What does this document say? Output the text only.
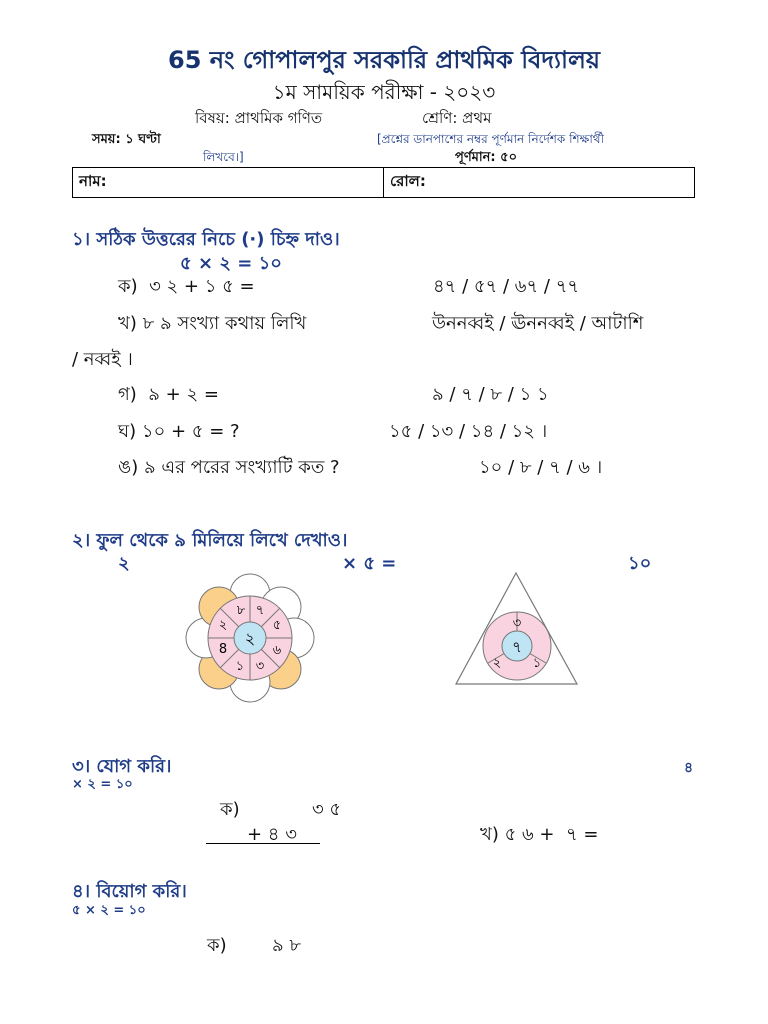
65 নং গোপালপুর সরকারি প্রাথমিক বিদ্যালয়
১ম সাময়িক পরীক্ষা - ২০২৩
বিষয়: প্রাথমিক গণিত	শ্রেণি: প্রথম
সময়: ১ ঘণ্টা	[প্রশ্নের ডানপাশের নম্বর পূর্ণমান নির্দেশক শিক্ষার্থী
লিখবে।]	পূর্ণমান: ৫০
নাম:	রোল:
১। সঠিক উত্তরের নিচে (·) চিহ্ন দাও।
৫ × ২ = ১০
ক) ৩ ২ + ১ ৫ =	৪৭ / ৫৭ / ৬৭ / ৭৭
খ) ৮ ৯ সংখ্যা কথায় লিখি	উননব্বই / ঊননব্বই / আটাশি
/ নব্বই ।
গ) ৯ + ২ =	৯ / ৭ / ৮ / ১ ১
ঘ) ১০ + ৫ = ?	১৫ / ১৩ / ১৪ / ১২ ।
ঙ) ৯ এর পরের সংখ্যাটি কত ?	১০ / ৮ / ৭ / ৬ ।
২। ফুল থেকে ৯ মিলিয়ে লিখে দেখাও।
২	× ৫ =	১০
২
৮ ৭
৫
৬
৩
১
8
২
৭
৩
২ ১
৩। যোগ করি।	৪
× ২ = ১০
ক)	৩ ৫
+ ৪ ৩	খ) ৫ ৬ + ৭ =
৪। বিয়োগ করি।
৫ × ২ = ১০
ক)	৯ ৮
